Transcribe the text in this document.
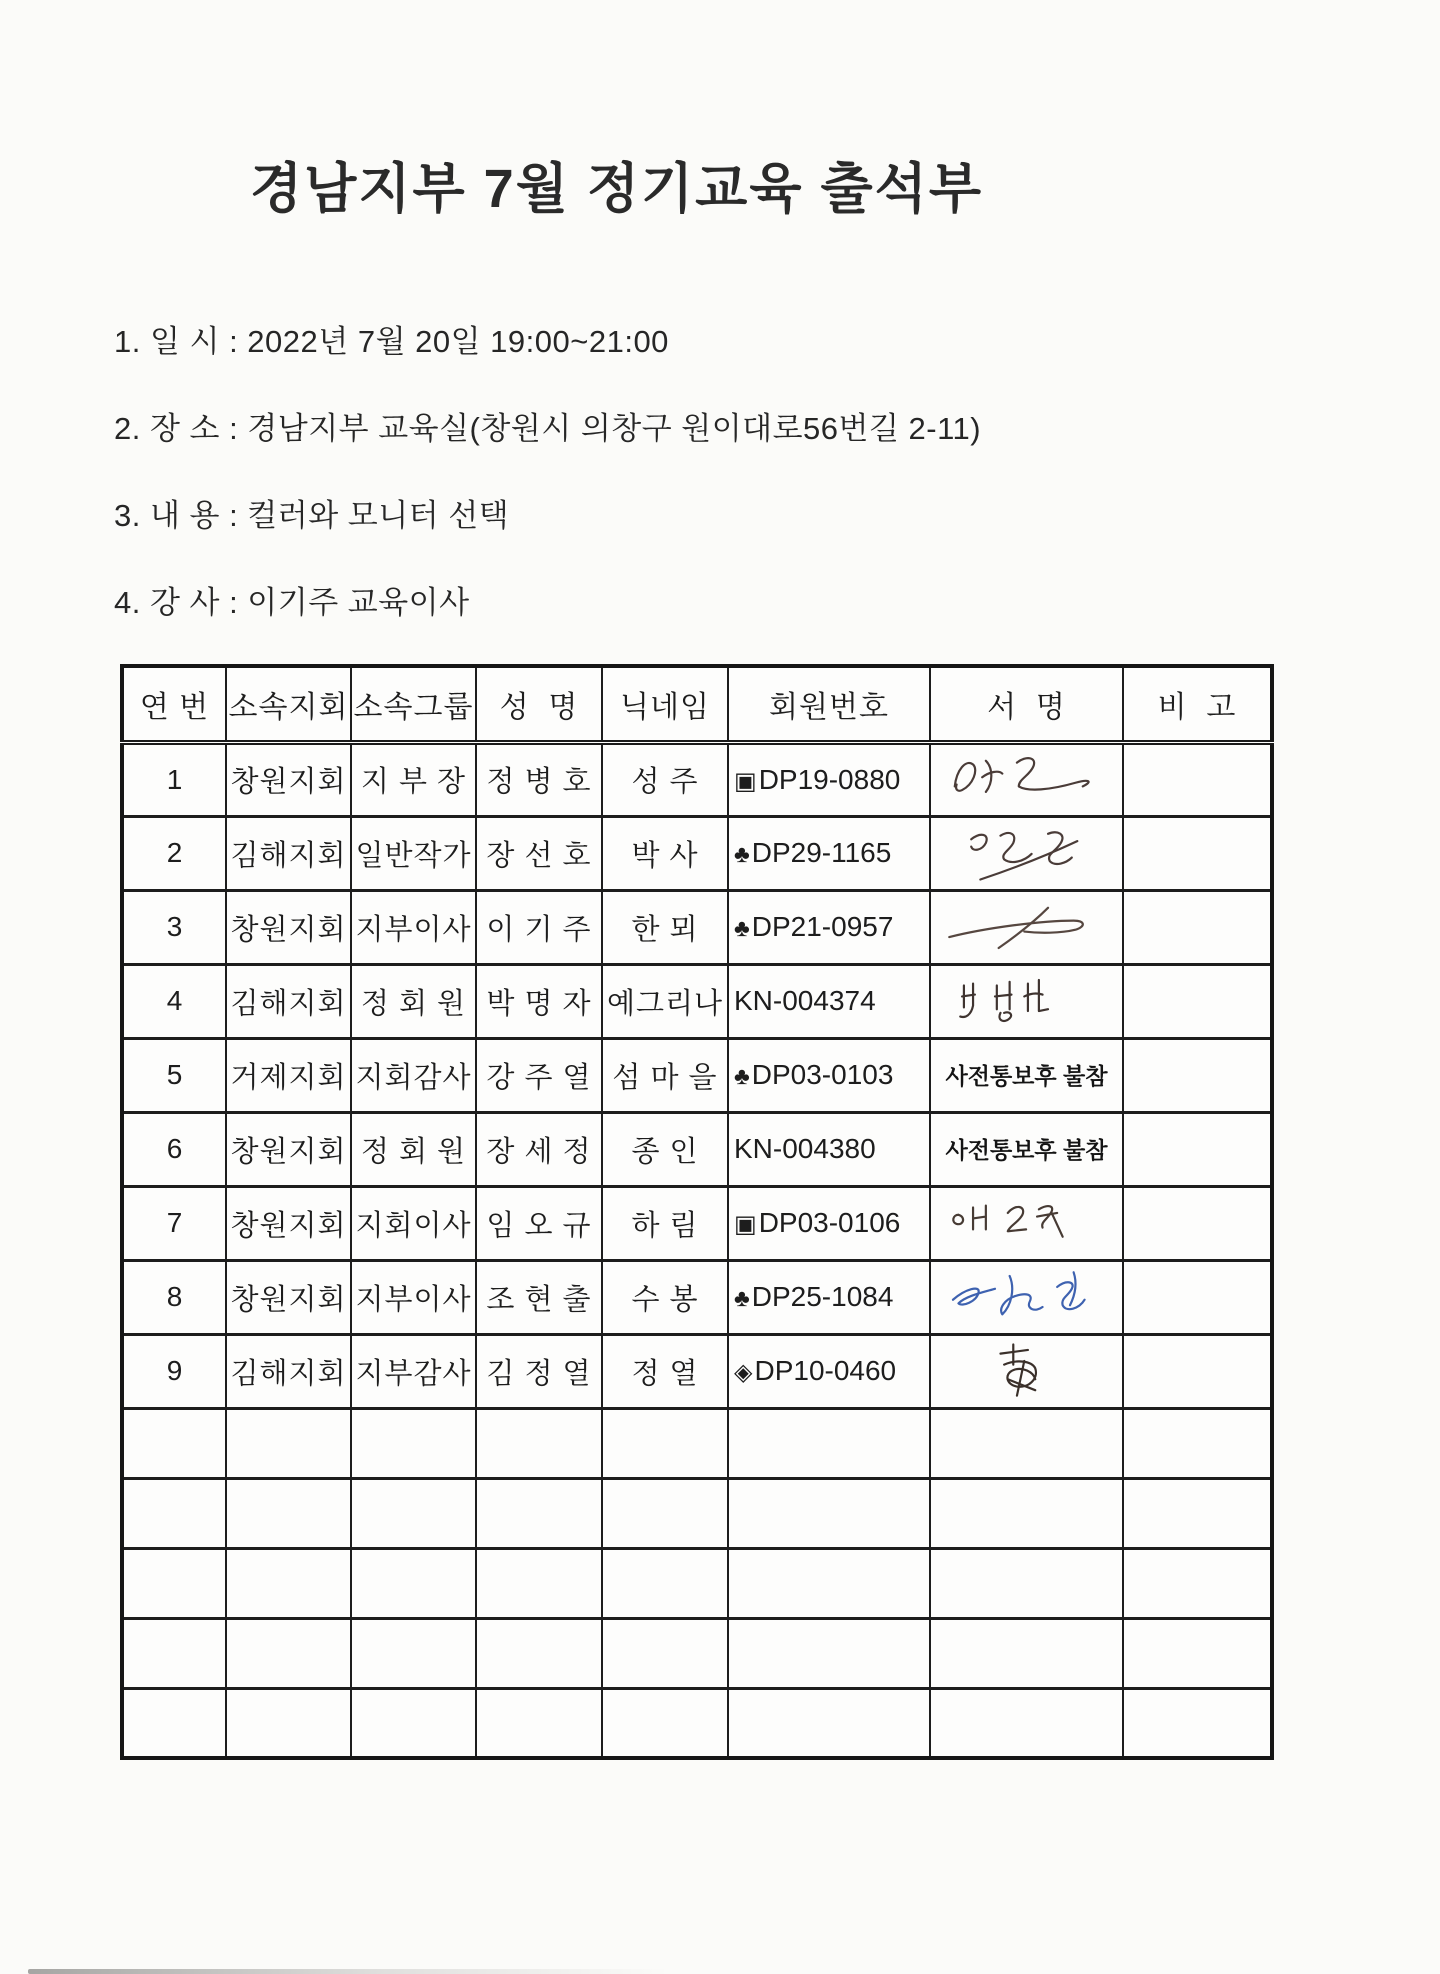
경남지부 7월 정기교육 출석부
1. 일 시 : 2022년 7월 20일 19:00~21:00
2. 장 소 : 경남지부 교육실(창원시 의창구 원이대로56번길 2-11)
3. 내 용 : 컬러와 모니터 선택
4. 강 사 : 이기주 교육이사
연 번	소속지회	소속그룹	성  명	닉네임	회원번호	서  명	비  고
1	창원지회	지 부 장	정 병 호	성 주	▣DP19-0880	

2	김해지회	일반작가	장 선 호	박 사	♣DP29-1165	

3	창원지회	지부이사	이 기 주	한 뫼	♣DP21-0957	

4	김해지회	정 회 원	박 명 자	예그리나	KN-004374	

5	거제지회	지회감사	강 주 열	섬 마 을	♣DP03-0103	사전통보후 불참	
6	창원지회	정 회 원	장 세 정	종 인	KN-004380	사전통보후 불참	
7	창원지회	지회이사	임 오 규	하 림	▣DP03-0106	

8	창원지회	지부이사	조 현 출	수 봉	♣DP25-1084	

9	김해지회	지부감사	김 정 열	정 열	◈DP10-0460	
